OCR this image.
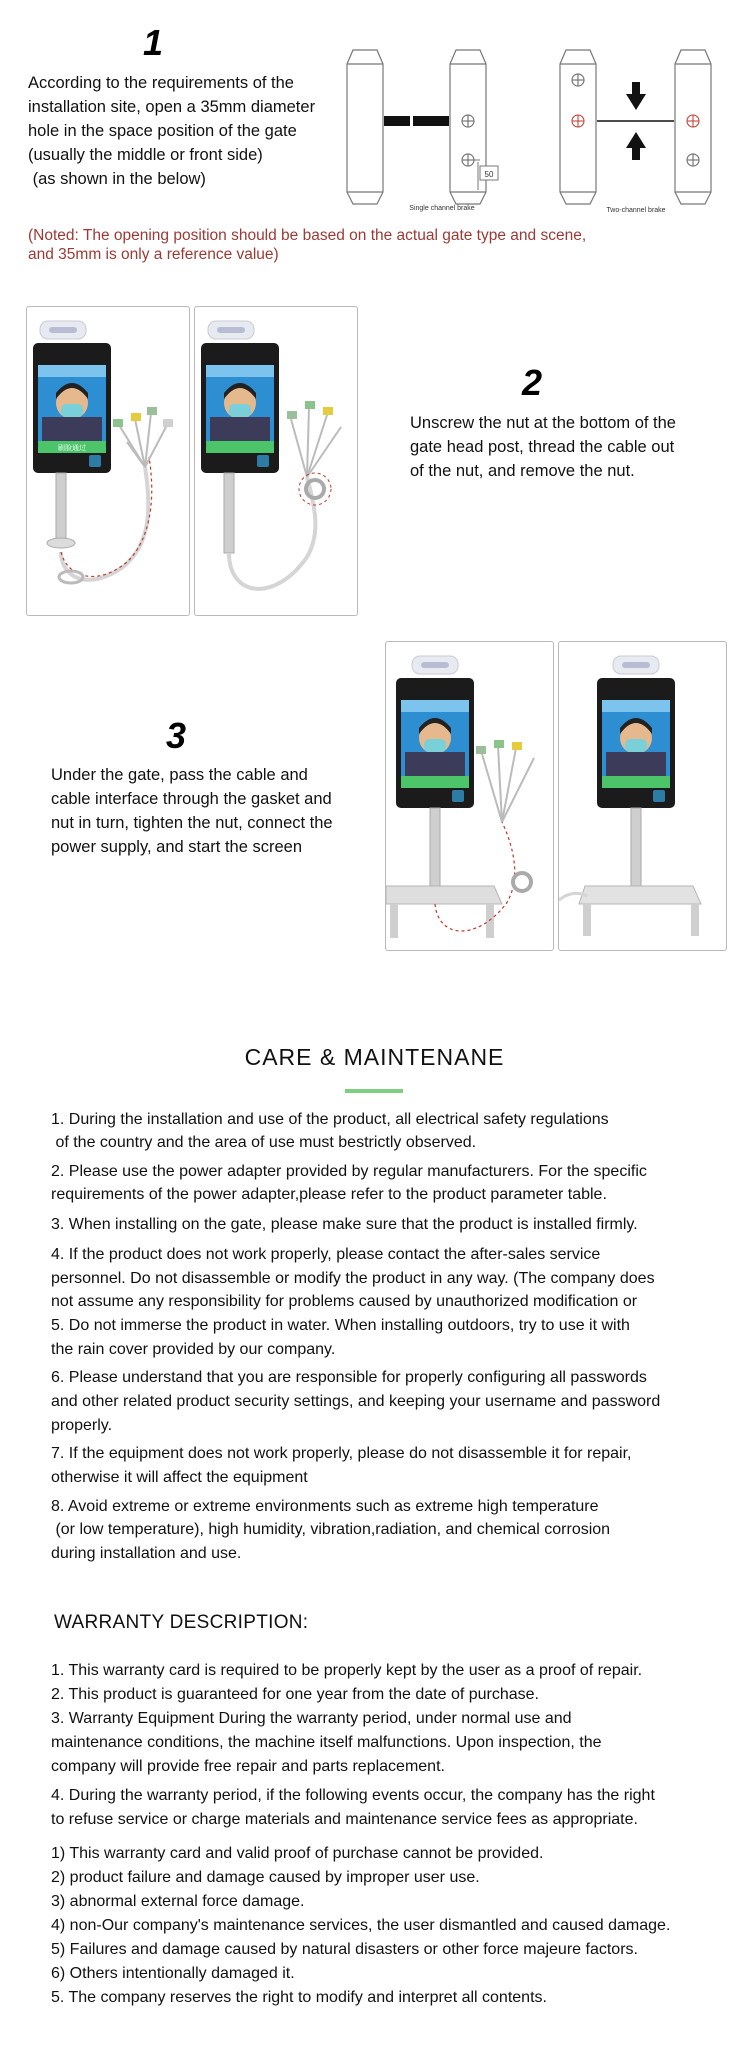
1
According to the requirements of the
installation site, open a 35mm diameter
hole in the space position of the gate
(usually the middle or front side)
(as shown in the below)	50
Single channel brake	Two-channel brake
(Noted: The opening position should be based on the actual gate type and scene,
and 35mm is only a reference value)
刷脸通过
2
Unscrew the nut at the bottom of the
gate head post, thread the cable out
of the nut, and remove the nut.
3
Under the gate, pass the cable and
cable interface through the gasket and
nut in turn, tighten the nut, connect the
power supply, and start the screen
CARE & MAINTENANE
1. During the installation and use of the product, all electrical safety regulations
of the country and the area of use must bestrictly observed.
2. Please use the power adapter provided by regular manufacturers. For the specific
requirements of the power adapter,please refer to the product parameter table.
3. When installing on the gate, please make sure that the product is installed firmly.
4. If the product does not work properly, please contact the after-sales service
personnel. Do not disassemble or modify the product in any way. (The company does
not assume any responsibility for problems caused by unauthorized modification or
5. Do not immerse the product in water. When installing outdoors, try to use it with
the rain cover provided by our company.
6. Please understand that you are responsible for properly configuring all passwords
and other related product security settings, and keeping your username and password
properly.
7. If the equipment does not work properly, please do not disassemble it for repair,
otherwise it will affect the equipment
8. Avoid extreme or extreme environments such as extreme high temperature
(or low temperature), high humidity, vibration,radiation, and chemical corrosion
during installation and use.
WARRANTY DESCRIPTION:
1. This warranty card is required to be properly kept by the user as a proof of repair.
2. This product is guaranteed for one year from the date of purchase.
3. Warranty Equipment During the warranty period, under normal use and
maintenance conditions, the machine itself malfunctions. Upon inspection, the
company will provide free repair and parts replacement.
4. During the warranty period, if the following events occur, the company has the right
to refuse service or charge materials and maintenance service fees as appropriate.
1) This warranty card and valid proof of purchase cannot be provided.
2) product failure and damage caused by improper user use.
3) abnormal external force damage.
4) non-Our company's maintenance services, the user dismantled and caused damage.
5) Failures and damage caused by natural disasters or other force majeure factors.
6) Others intentionally damaged it.
5. The company reserves the right to modify and interpret all contents.
